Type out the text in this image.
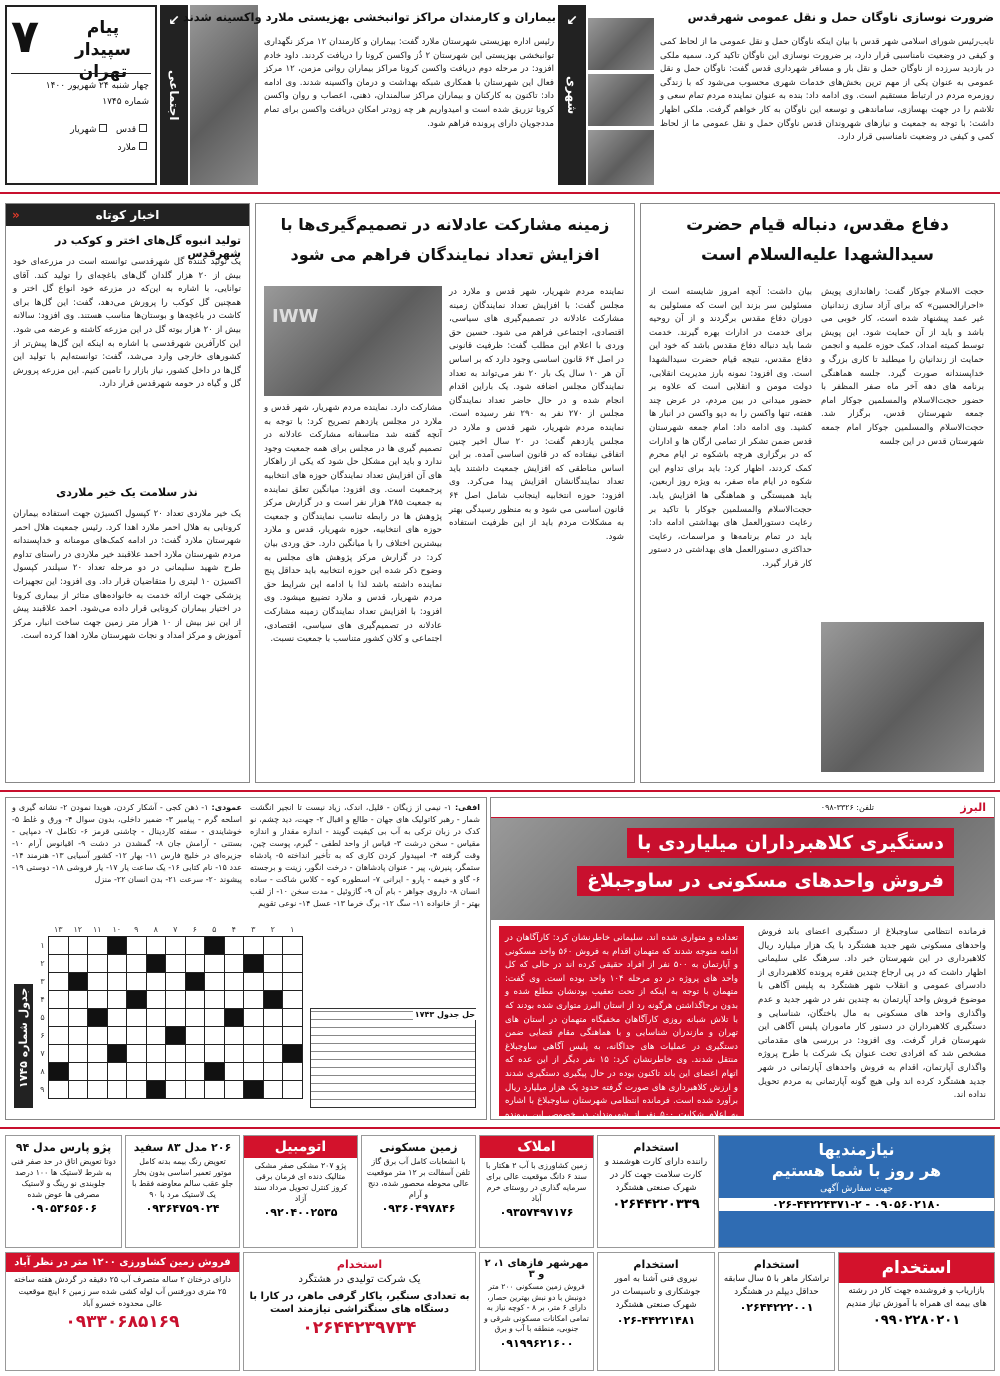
۷	پیام سپیدار تهران
چهار شنبه ۲۴ شهریور ۱۴۰۰
شماره ۱۷۴۵
قدس   شهریار
ملارد
↙
اجتماعی
بیماران و کارمندان مراکز توانبخشی بهزیستی ملارد واکسینه شدند
رئیس اداره بهزیستی شهرستان ملارد گفت: بیماران و کارمندان ۱۲ مرکز نگهداری توانبخشی بهزیستی این شهرستان ۲ ذُز واکسن کرونا را دریافت کردند. داود خادم افزود: در مرحله دوم دریافت واکسن کرونا مراکز بیماران روانی مزمن، ۱۲ مرکز فعال این شهرستان با همکاری شبکه بهداشت و درمان واکسینه شدند. وی ادامه داد: تاکنون به کارکنان و بیماران مراکز سالمندان، ذهنی، اعصاب و روان واکسن کرونا تزریق شده است و امیدواریم هر چه زودتر امکان دریافت واکسن برای تمام مددجویان دارای پرونده فراهم شود.
↙
شهری
ضرورت نوسازی ناوگان حمل و نقل عمومی شهرقدس
نایب‌رئیس شورای اسلامی شهر قدس با بیان اینکه ناوگان حمل و نقل عمومی ما از لحاظ کمی و کیفی در وضعیت نامناسبی قرار دارد، بر ضرورت نوسازی این ناوگان تاکید کرد. سمیه ملکی در بازدید سرزده از ناوگان حمل و نقل بار و مسافر شهرداری قدس گفت: ناوگان حمل و نقل عمومی به عنوان یکی از مهم ترین بخش‌های خدمات شهری محسوب می‌شود که با زندگی روزمره مردم در ارتباط مستقیم است. وی ادامه داد: بنده به عنوان نماینده مردم تمام سعی و تلاشم را در جهت بهسازی، ساماندهی و توسعه این ناوگان به کار خواهم گرفت. ملکی اظهار داشت: با توجه به جمعیت و نیازهای شهروندان قدس ناوگان حمل و نقل عمومی ما از لحاظ کمی و کیفی در وضعیت نامناسبی قرار دارد.
دفاع مقدس، دنباله قیام حضرت سیدالشهدا علیه‌السلام است
حجت الاسلام جوکار گفت: راهاندازی پویش «احرارالحسین» که برای آزاد سازی زندانیان غیر عمد پیشنهاد شده است، کار خوبی می باشد و باید از آن حمایت شود. این پویش توسط کمیته امداد، کمک حوزه علمیه و انجمن حمایت از زندانیان را میطلبد تا کاری بزرگ و خداپسندانه صورت گیرد. جلسه هماهنگی برنامه های دهه آخر ماه صفر المظفر با حضور حجت‌الاسلام والمسلمین جوکار امام جمعه شهرستان قدس، برگزار شد. حجت‌الاسلام والمسلمین جوکار امام جمعه شهرستان قدس در این جلسه
بیان داشت: آنچه امروز شایسته است از مسئولین سر بزند این است که مسئولین به دوران دفاع مقدس برگردند و از آن روحیه برای خدمت در ادارات بهره گیرند. خدمت شما باید دنباله دفاع مقدس باشد که خود این دفاع مقدس، نتیجه قیام حضرت سیدالشهدا است. وی افزود: نمونه بارز مدیریت انقلابی، دولت مومن و انقلابی است که علاوه بر حضور میدانی در بین مردم، در عرض چند هفته، تنها واکسن را به دپو واکسن در انبار ها کشید. وی ادامه داد: امام جمعه شهرستان قدس ضمن تشکر از تمامی ارگان ها و ادارات که در برگزاری هرچه باشکوه تر ایام محرم کمک کردند، اظهار کرد: باید برای تداوم این شکوه در ایام ماه صفر، به ویژه روز اربعین، باید همبستگی و هماهنگی ها افزایش یابد. حجت‌الاسلام والمسلمین جوکار با تاکید بر رعایت دستورالعمل های بهداشتی ادامه داد: باید در تمام برنامه‌ها و مراسمات، رعایت حداکثری دستورالعمل های بهداشتی در دستور کار قرار گیرد.
زمینه مشارکت عادلانه در تصمیم‌گیری‌ها با افزایش تعداد نمایندگان فراهم می شود
نماینده مردم شهریار، شهر قدس و ملارد در مجلس گفت: با افزایش تعداد نمایندگان زمینه مشارکت عادلانه در تصمیم‌گیری های سیاسی، اقتصادی، اجتماعی فراهم می شود. حسین حق وردی با اعلام این مطلب گفت: ظرفیت قانونی در اصل ۶۴ قانون اساسی وجود دارد که بر اساس آن هر ۱۰ سال یک بار ۲۰ نفر می‌تواند به تعداد نمایندگان مجلس اضافه شود. یک باراین اقدام انجام شده و در حال حاضر تعداد نمایندگان مجلس از ۲۷۰ نفر به ۲۹۰ نفر رسیده است. نماینده مردم شهریار، شهر قدس و ملارد در مجلس یازدهم گفت: در ۲۰ سال اخیر چنین اتفاقی نیفتاده که در قانون اساسی آمده. بر این اساس مناطقی که افزایش جمعیت داشتند باید تعداد نمایندگانشان افزایش پیدا می‌کرد. وی افزود: حوزه انتخابیه اینجانب شامل اصل ۶۴ قانون اساسی می شود و به منظور رسیدگی بهتر به مشکلات مردم باید از این ظرفیت استفاده شود.
IWW
مشارکت دارد. نماینده مردم شهریار، شهر قدس و ملارد در مجلس یازدهم تصریح کرد: با توجه به آنچه گفته شد متاسفانه مشارکت عادلانه در تصمیم گیری ها در مجلس برای همه جمعیت وجود ندارد و باید این مشکل حل شود که یکی از راهکار های آن افزایش تعداد نمایندگان حوزه های انتخابیه پرجمعیت است. وی افزود: میانگین تعلق نماینده به جمعیت ۲۸۵ هزار نفر است و در گزارش مرکز پژوهش ها در رابطه تناسب نمایندگان و جمعیت حوزه های انتخابیه، حوزه شهریار، قدس و ملارد بیشترین اختلاف را با میانگین دارد. حق وردی بیان کرد: در گزارش مرکز پژوهش های مجلس به وضوح ذکر شده این حوزه انتخابیه باید حداقل پنج نماینده داشته باشد لذا با ادامه این شرایط حق مردم شهریار، قدس و ملارد تضییع میشود. وی افزود: با افزایش تعداد نمایندگان زمینه مشارکت عادلانه در تصمیم‌گیری های سیاسی، اقتصادی، اجتماعی و کلان کشور متناسب با جمعیت نسبت.
اخبار کوتاه
«
تولید انبوه گل‌های اختر و کوکب در شهرقدس
یک تولید کننده گل شهرقدسی توانسته است در مزرعه‌ای خود بیش از ۲۰ هزار گلدان گل‌های باغچه‌ای را تولید کند. آقای توانایی، با اشاره به این‌که در مزرعه خود انواع گل اختر و همچنین گل کوکب را پرورش می‌دهد، گفت: این گل‌ها برای کاشت در باغچه‌ها و بوستان‌ها مناسب هستند. وی افزود: سالانه بیش از ۲۰ هزار بوته گل در این مزرعه کاشته و عرضه می شود. این کارآفرین شهرقدسی با اشاره به اینکه این گل‌ها پیش‌تر از کشورهای خارجی وارد می‌شد، گفت: توانسته‌ایم با تولید این گل‌ها در داخل کشور، نیاز بازار را تامین کنیم. این مزرعه پرورش گل و گیاه در حومه شهرقدس قرار دارد.
نذر سلامت یک خیر ملاردی
یک خیر ملاردی تعداد ۲۰ کپسول اکسیژن جهت استفاده بیماران کرونایی به هلال احمر ملارد اهدا کرد. رئیس جمعیت هلال احمر شهرستان ملارد گفت: در ادامه کمک‌های مومنانه و خداپسندانه مردم شهرستان ملارد احمد علاقبند خیر ملاردی در راستای تداوم طرح شهید سلیمانی در دو مرحله تعداد ۲۰ سیلندر کپسول اکسیژن ۱۰ لیتری را متقاضیان قرار داد. وی افزود: این تجهیزات پزشکی جهت ارائه خدمت به خانواده‌های متاثر از بیماری کرونا در اختیار بیماران کرونایی قرار داده می‌شود. احمد علاقبند پیش از این نیز بیش از ۱۰ هزار متر زمین جهت ساخت انبار، مرکز آموزش و مرکز امداد و نجات شهرستان ملارد اهدا کرده است.
البرز
تلفن: ۳۳۲۶-۰۹۸
دستگیری کلاهبرداران میلیاردی با
فروش واحدهای مسکونی در ساوجبلاغ
فرمانده انتظامی ساوجبلاغ از دستگیری اعضای باند فروش واحدهای مسکونی شهر جدید هشتگرد با یک هزار میلیارد ریال کلاهبرداری در این شهرستان خبر داد. سرهنگ علی سلیمانی اظهار داشت که در پی ارجاع چندین فقره پرونده کلاهبرداری از دادسرای عمومی و انقلاب شهر هشتگرد به پلیس آگاهی با موضوع فروش واحد آپارتمان به چندین نفر در شهر جدید و عدم واگذاری واحد های مسکونی به مال باختگان، شناسایی و دستگیری کلاهبرداران در دستور کار ماموران پلیس آگاهی این شهرستان قرار گرفت. وی افزود: در بررسی های مقدماتی مشخص شد که افرادی تحت عنوان یک شرکت با طرح پروژه واگذاری آپارتمان، اقدام به فروش واحدهای آپارتمانی در شهر جدید هشتگرد کرده اند ولی هیچ گونه آپارتمانی به مردم تحویل نداده اند.
تعداده و متواری شده اند. سلیمانی خاطرنشان کرد: کارآگاهان در ادامه متوجه شدند که متهمان اقدام به فروش ۵۶۰ واحد مسکونی و آپارتمان به ۵۰۰ نفر از افراد حقیقی کرده اند در حالی که کل واحد های پروژه در دو مرحله ۱۰۴ واحد بوده است. وی گفت: متهمان با توجه به اینکه از تحت تعقیب بودنشان مطلع شده و بدون برجاگذاشتن هرگونه رد از استان البرز متواری شده بودند که با تلاش شبانه روزی کارآگاهان مخفیگاه متهمان در استان های تهران و مازندران شناسایی و با هماهنگی مقام قضایی ضمن دستگیری در عملیات های جداگانه، به پلیس آگاهی ساوجبلاغ منتقل شدند. وی خاطرنشان کرد: ۱۵ نفر دیگر از این عده که اتهام اعضای این باند تاکنون بوده در حال پیگیری دستگیری شدند و ارزش کلاهبرداری های صورت گرفته حدود یک هزار میلیارد ریال برآورد شده است. فرمانده انتظامی شهرستان ساوجبلاغ با اشاره به اعلام شکایت ۵۰۰ نفر از شهروندان در خصوص این پرونده
افقی: ۱- نیمی از زیگان - قلیل، اندک، زیاد نیست تا انجیر انگشت شمار - رهبر کاتولیک های جهان - طالع و اقبال ۲- جهت، دید چشم، نو کدک در زبان ترکی به آب بی کیفیت گویند - اندازه مقدار و اندازه مقیاس - سخن درشت ۳- قیاس از واحد لطفی - گیرم، پوست چین، وقت گرفته ۴- امپیدوار کردن کاری که به تأخیر انداخته ۵- پادشاه ستمگر، پنیرش، پیر - عنوان پادشاهان - درخت انگور، زینت و برجسته ۶- گاو و خیمه - پارو - ایرانی ۷- اسطوره کوه - کلاس شاکت - ساده انسان ۸- داروی جواهر - بام آن ۹- گازوئیل - مدت سخن ۱۰- از لقب بهتر - از خانواده ۱۱- سگ ۱۲- برگ خرما ۱۳- عسل ۱۴- نوعی تقویم
عمودی: ۱- ذهن کجی - آشکار کردن، هویدا نمودن ۲- نشانه گیری و اسلحه گرم - پیامبر ۳- ضمیر داخلی، بدون سوال ۴- ورق و غلط ۵- خوشایندی - سفته کاردینال - چاشنی قرمز ۶- تکامل ۷- دمپایی - بستنی - آرامش جان ۸- گمشدن در دشت ۹- اقیانوس آرام ۱۰- جزیره‌ای در خلیج فارس ۱۱- بهار ۱۲- کشور آسیایی ۱۳- هنرمند ۱۴- عدد ۱۵- نام کتابی ۱۶- یک ساعت یار ۱۷- یار فروشی ۱۸- دوستی ۱۹- پیشوند ۲۰- سرعت ۲۱- بدن انسان ۲۲- منزل
جدول شماره ۱۷۴۵
۱	۲	۳	۴	۵	۶	۷	۸	۹	۱۰	۱۱	۱۲	۱۳	
													۱
													۲
													۳
													۴
													۵
													۶
													۷
													۸
													۹
حل جدول ۱۷۴۳
نیازمندیها
هر روز با شما هستیم
جهت سفارش آگهی
۰۹۰۵۶۰۲۱۸۰ - ۰۲۶-۴۴۲۲۴۳۷۱-۲
استخدام
راننده دارای کارت هوشمند و کارت سلامت جهت کار در شهرک صنعتی هشتگرد
۰۲۶۴۴۲۲۰۳۳۹
املاک
زمین کشاورزی با آب ۲ هکتار با سند ۶ دانگ موقعیت عالی برای سرمایه گذاری در روستای خرم آباد
۰۹۳۵۷۴۹۷۱۷۶
زمین مسکونی
با انشعابات کامل آب برق گاز تلفن آسفالت بر ۱۲ متر موقعیت عالی محوطه محصور شده، دنج و آرام
۰۹۳۶۰۴۹۷۸۴۶
اتومبیل
پژو ۲۰۷ مشکی صفر مشکی متالیک دنده ای فرمان برقی کروز کنترل تحویل مرداد سند آزاد
۰۹۲۰۴۰۰۲۵۳۵
۲۰۶ مدل ۸۳ سفید
تعویض رنگ بیمه بدنه کامل موتور تعمیر اساسی بدون بخار جلو عقب سالم معاوضه فقط با یک لاستیک مرد با ۹۰
۰۹۳۶۴۷۵۹۰۲۴
پژو پارس مدل ۹۴
دوتا تعویض اتاق در حد صفر فنی به شرط لاستیک ها ۱۰۰ درصد جلوبندی نو رینگ و لاستیک مصرفی ها عوض شده
۰۹۰۵۳۶۵۶۰۶
استخدام
بازاریاب و فروشنده جهت کار در رشته های بیمه ای همراه با آموزش تیاز مندیم
۰۹۹۰۲۲۸۰۲۰۱
استخدام
تراشکار ماهر با ۵ سال سابقه حداقل دیپلم در هشتگرد
۰۲۶۴۴۲۲۲۰۰۱
استخدام
نیروی فنی آشنا به امور جوشکاری و تاسیسات در شهرک صنعتی هشتگرد
۰۲۶-۴۴۲۲۱۴۸۱
مهرشهر فازهای ۱، ۲ و ۳
فروش زمین مسکونی ۲۰۰ متر دونبش با دو نبش بهترین حصار، دارای ۶ متر، بر ۸ - کوچه نیاز به تمامی امکانات مسکونی شرقی و جنوبی، منطقه با آب و برق
۰۹۱۹۹۶۲۱۶۰۰
استخدام
یک شرکت تولیدی در هشتگرد
به تعدادی سنگبر، یاکار گرفی ماهر، در کارا با دستگاه های سنگتراشی نیازمند است
۰۲۶۴۴۲۳۹۷۳۴
فروش زمین کشاورزی ۱۲۰۰ متر در نظر آباد
دارای درختان ۲ ساله متصرف آب ۲۵ دقیقه در گردش هفته ساخته ۲۵ متری دورفنس آب لوله کشی شده سر زمین ۶ اینچ موقعیت عالی محدوده خسرو آباد
۰۹۳۳۰۶۸۵۱۶۹
